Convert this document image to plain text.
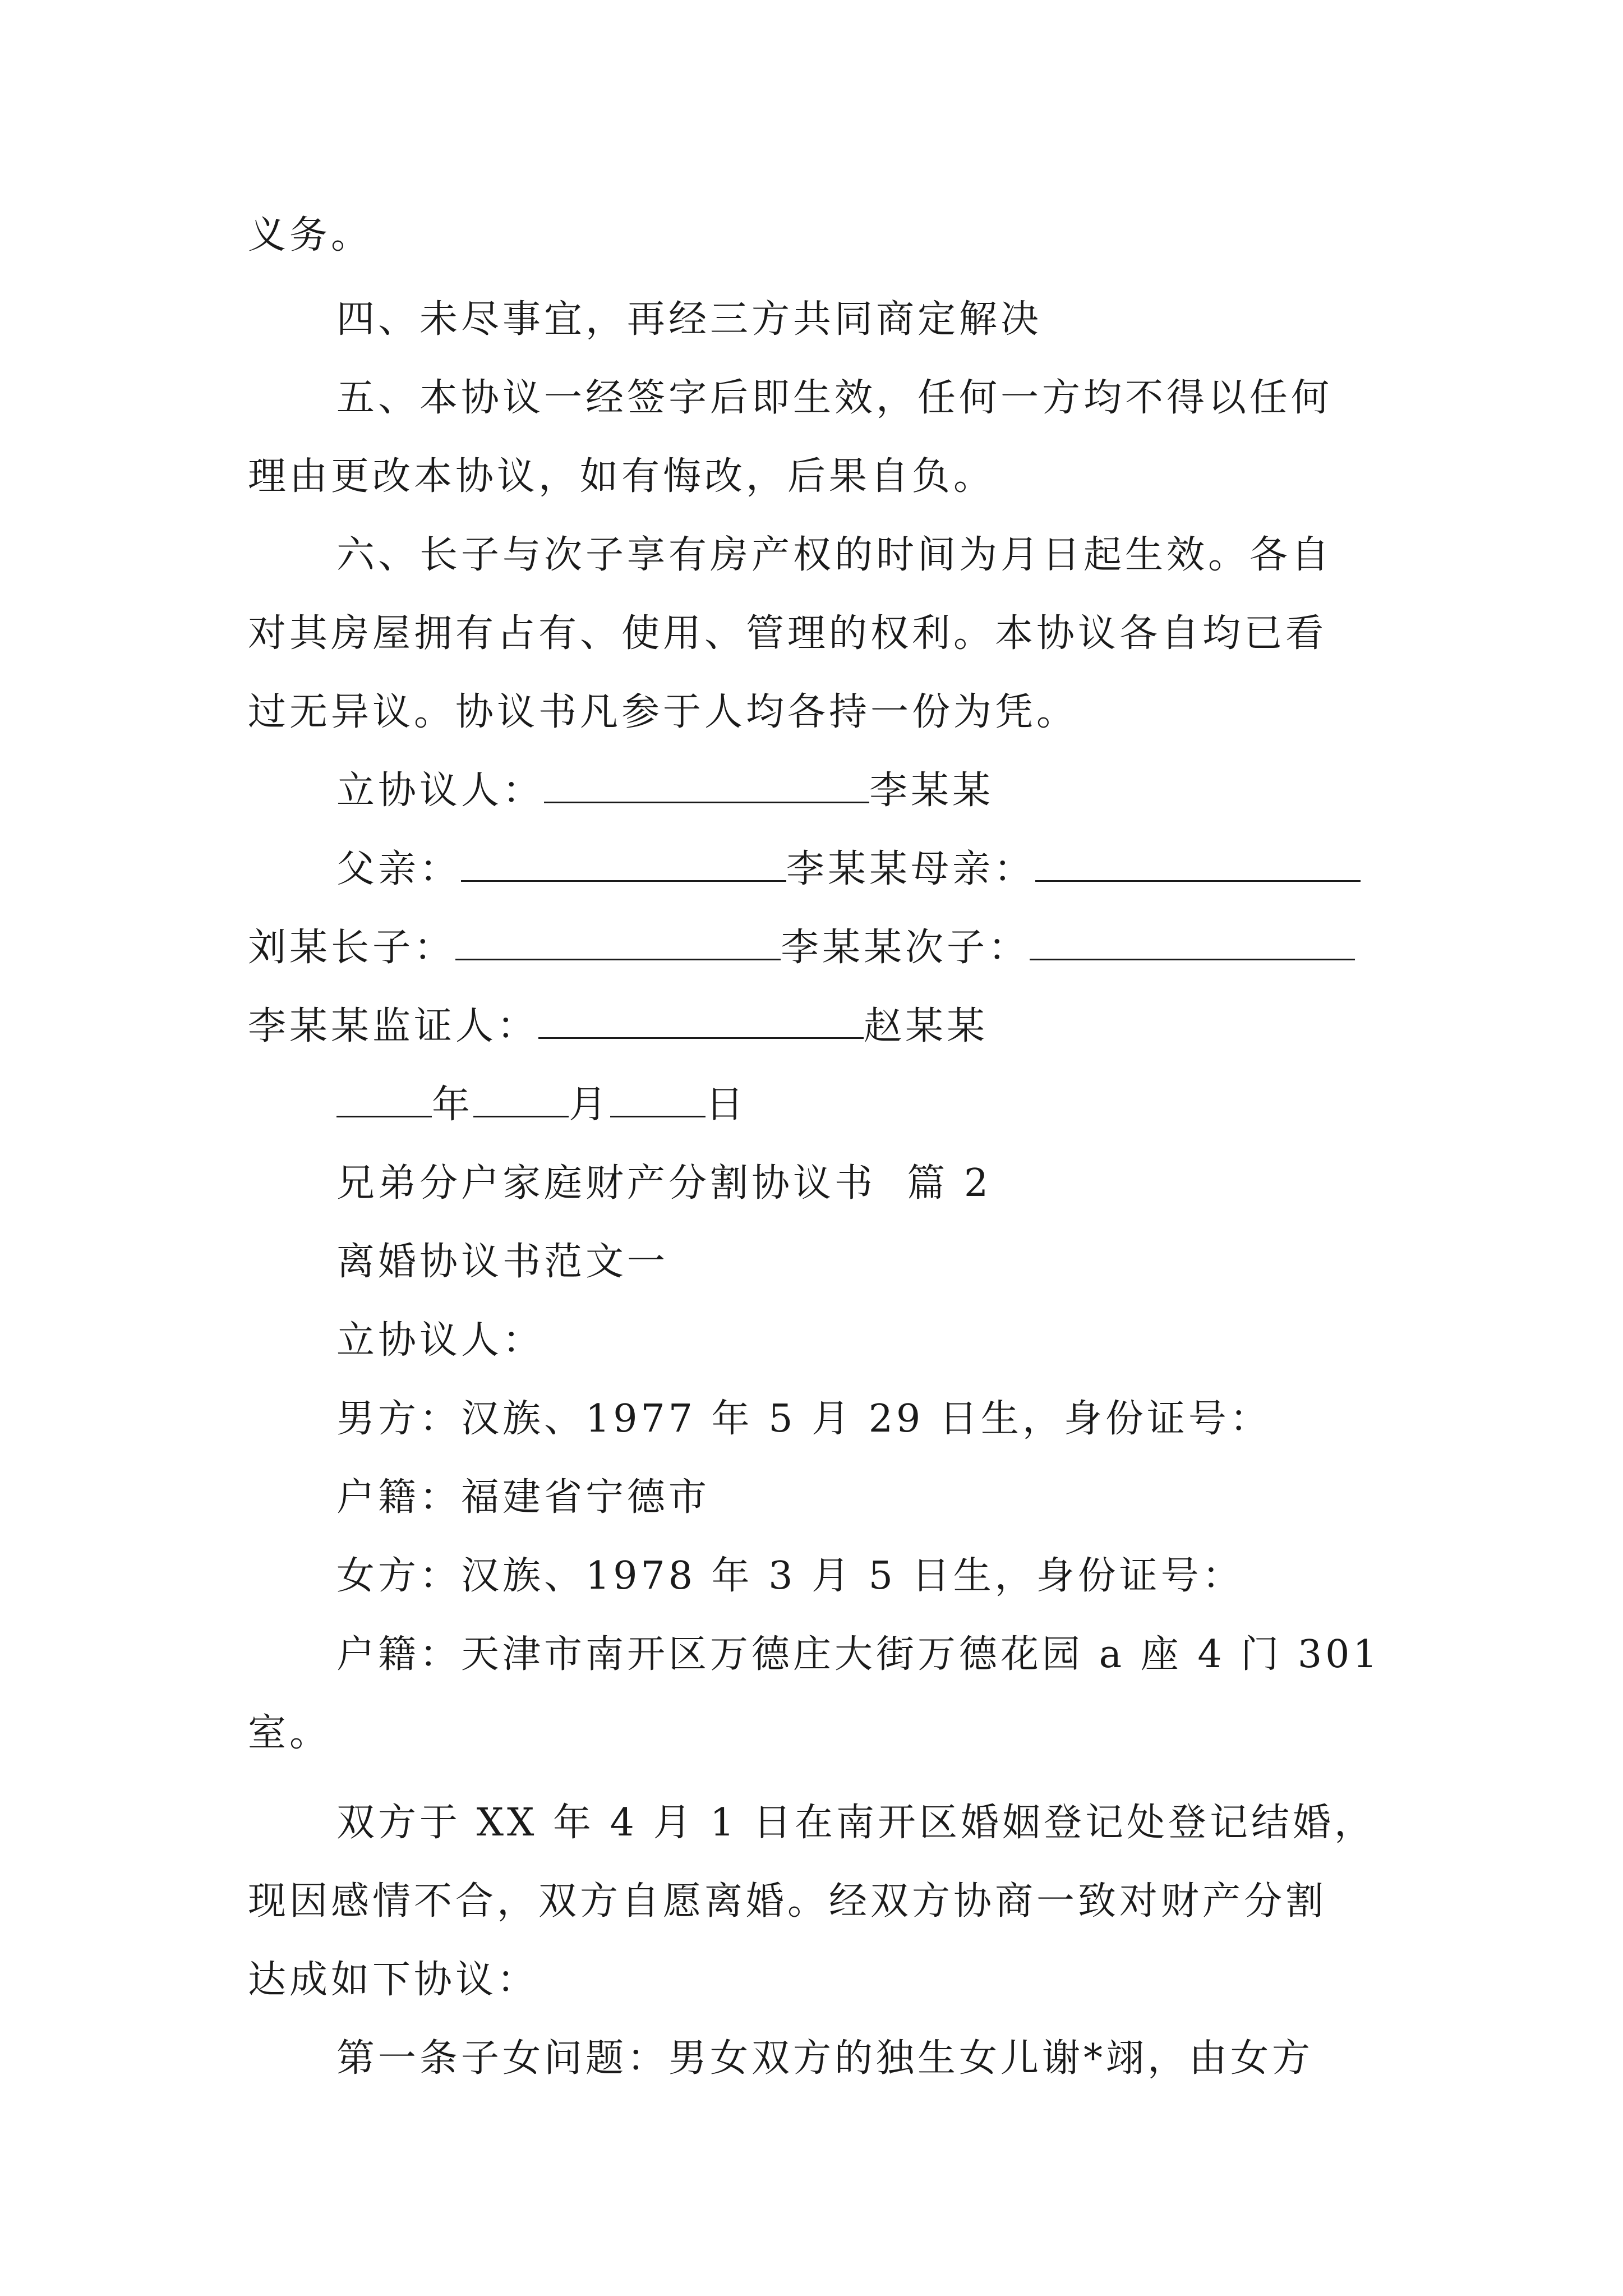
义务。
四、未尽事宜，再经三方共同商定解决
五、本协议一经签字后即生效，任何一方均不得以任何
理由更改本协议，如有悔改，后果自负。
六、长子与次子享有房产权的时间为月日起生效。各自
对其房屋拥有占有、使用、管理的权利。本协议各自均已看
过无异议。协议书凡参于人均各持一份为凭。
立协议人：	李某某
父亲：	李某某母亲：
刘某长子：	李某某次子：
李某某监证人：	赵某某
年	月	日
兄弟分户家庭财产分割协议书  篇 2
离婚协议书范文一
立协议人：
男方：汉族、1977 年 5 月 29 日生，身份证号：
户籍：福建省宁德市
女方：汉族、1978 年 3 月 5 日生，身份证号：
户籍：天津市南开区万德庄大街万德花园 a 座 4 门 301
室。
双方于 XX 年 4 月 1 日在南开区婚姻登记处登记结婚，
现因感情不合，双方自愿离婚。经双方协商一致对财产分割
达成如下协议：
第一条子女问题：男女双方的独生女儿谢*翊，由女方
